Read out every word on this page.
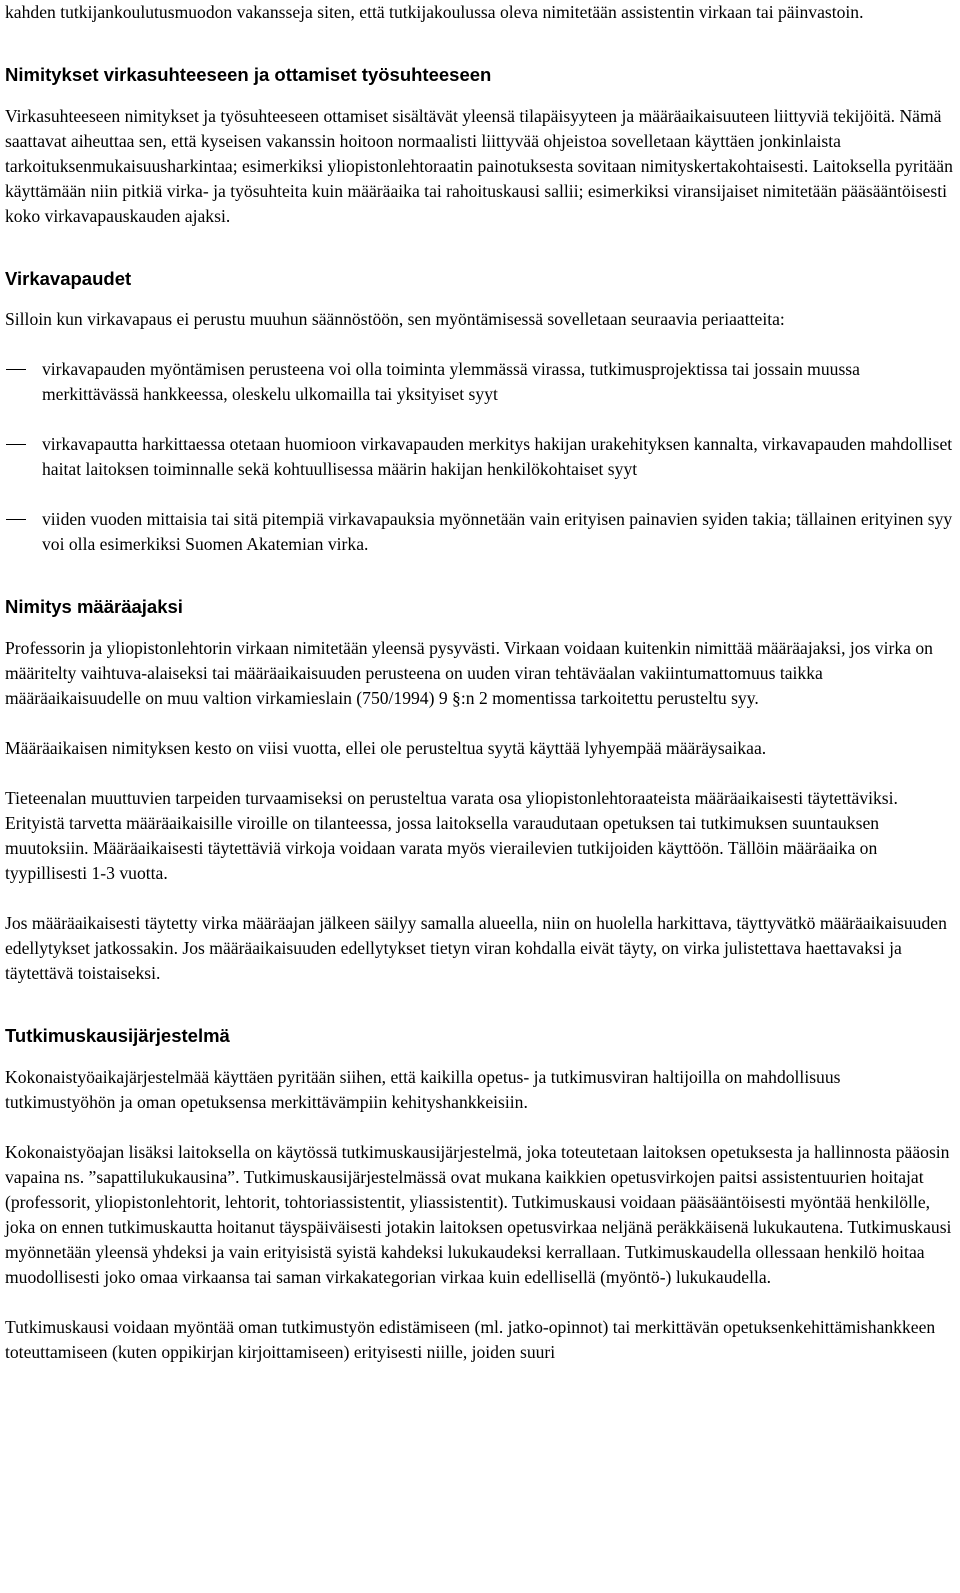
kahden tutkijankoulutusmuodon vakansseja siten, että tutkijakoulussa oleva nimitetään assistentin virkaan tai päinvastoin.

Nimitykset virkasuhteeseen ja ottamiset työsuhteeseen

Virkasuhteeseen nimitykset ja työsuhteeseen ottamiset sisältävät yleensä tilapäisyyteen ja määräaikaisuuteen liittyviä tekijöitä. Nämä saattavat aiheuttaa sen, että kyseisen vakanssin hoitoon normaalisti liittyvää ohjeistoa sovelletaan käyttäen jonkinlaista tarkoituksenmukaisuusharkintaa; esimerkiksi yliopistonlehtoraatin painotuksesta sovitaan nimityskertakohtaisesti. Laitoksella pyritään käyttämään niin pitkiä virka- ja työsuhteita kuin määräaika tai rahoituskausi sallii; esimerkiksi viransijaiset nimitetään pääsääntöisesti koko virkavapauskauden ajaksi.

Virkavapaudet

Silloin kun virkavapaus ei perustu muuhun säännöstöön, sen myöntämisessä sovelletaan seuraavia periaatteita:

virkavapauden myöntämisen perusteena voi olla toiminta ylemmässä virassa, tutkimusprojektissa tai jossain muussa merkittävässä hankkeessa, oleskelu ulkomailla tai yksityiset syyt
virkavapautta harkittaessa otetaan huomioon virkavapauden merkitys hakijan urakehityksen kannalta, virkavapauden mahdolliset haitat laitoksen toiminnalle sekä kohtuullisessa määrin hakijan henkilökohtaiset syyt
viiden vuoden mittaisia tai sitä pitempiä virkavapauksia myönnetään vain erityisen painavien syiden takia; tällainen erityinen syy voi olla esimerkiksi Suomen Akatemian virka.
Nimitys määräajaksi

Professorin ja yliopistonlehtorin virkaan nimitetään yleensä pysyvästi. Virkaan voidaan kuitenkin nimittää määräajaksi, jos virka on määritelty vaihtuva-alaiseksi tai määräaikaisuuden perusteena on uuden viran tehtäväalan vakiintumattomuus taikka määräaikaisuudelle on muu valtion virkamieslain (750/1994) 9 §:n 2 momentissa tarkoitettu perusteltu syy.

Määräaikaisen nimityksen kesto on viisi vuotta, ellei ole perusteltua syytä käyttää lyhyempää määräysaikaa.

Tieteenalan muuttuvien tarpeiden turvaamiseksi on perusteltua varata osa yliopistonlehtoraateista määräaikaisesti täytettäviksi. Erityistä tarvetta määräaikaisille viroille on tilanteessa, jossa laitoksella varaudutaan opetuksen tai tutkimuksen suuntauksen muutoksiin. Määräaikaisesti täytettäviä virkoja voidaan varata myös vierailevien tutkijoiden käyttöön. Tällöin määräaika on tyypillisesti 1-3 vuotta.

Jos määräaikaisesti täytetty virka määräajan jälkeen säilyy samalla alueella, niin on huolella harkittava, täyttyvätkö määräaikaisuuden edellytykset jatkossakin. Jos määräaikaisuuden edellytykset tietyn viran kohdalla eivät täyty, on virka julistettava haettavaksi ja täytettävä toistaiseksi.

Tutkimuskausijärjestelmä

Kokonaistyöaikajärjestelmää käyttäen pyritään siihen, että kaikilla opetus- ja tutkimusviran haltijoilla on mahdollisuus tutkimustyöhön ja oman opetuksensa merkittävämpiin kehityshankkeisiin.

Kokonaistyöajan lisäksi laitoksella on käytössä tutkimuskausijärjestelmä, joka toteutetaan laitoksen opetuksesta ja hallinnosta pääosin vapaina ns. ”sapattilukukausina”. Tutkimuskausijärjestelmässä ovat mukana kaikkien opetusvirkojen paitsi assistentuurien hoitajat (professorit, yliopistonlehtorit, lehtorit, tohtoriassistentit, yliassistentit). Tutkimuskausi voidaan pääsääntöisesti myöntää henkilölle, joka on ennen tutkimuskautta hoitanut täyspäiväisesti jotakin laitoksen opetusvirkaa neljänä peräkkäisenä lukukautena. Tutkimuskausi myönnetään yleensä yhdeksi ja vain erityisistä syistä kahdeksi lukukaudeksi kerrallaan. Tutkimuskaudella ollessaan henkilö hoitaa muodollisesti joko omaa virkaansa tai saman virkakategorian virkaa kuin edellisellä (myöntö-) lukukaudella.

Tutkimuskausi voidaan myöntää oman tutkimustyön edistämiseen (ml. jatko-opinnot) tai merkittävän opetuksenkehittämishankkeen toteuttamiseen (kuten oppikirjan kirjoittamiseen) erityisesti niille, joiden suuri
